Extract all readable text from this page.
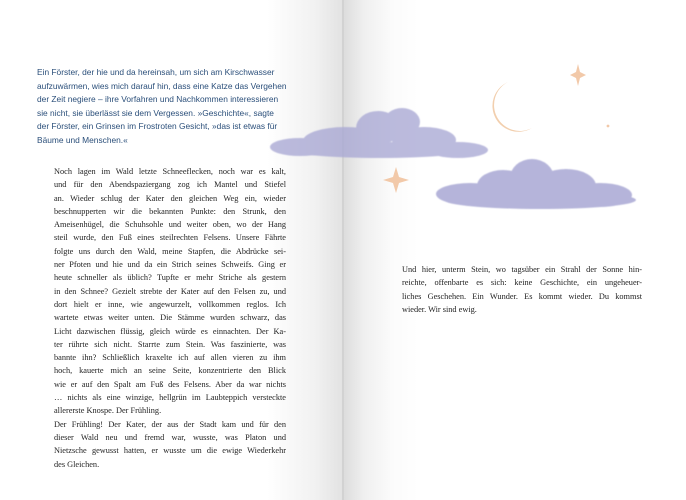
Ein Förster, der hie und da hereinsah, um sich am Kirschwasser
aufzuwärmen, wies mich darauf hin, dass eine Katze das Vergehen
der Zeit negiere – ihre Vorfahren und Nachkommen interessieren
sie nicht, sie überlässt sie dem Vergessen. »Geschichte«, sagte
der Förster, ein Grinsen im Frostroten Gesicht, »das ist etwas für
Bäume und Menschen.«
Noch lagen im Wald letzte Schneeflecken, noch war es kalt,
und für den Abendspaziergang zog ich Mantel und Stiefel
an. Wieder schlug der Kater den gleichen Weg ein, wieder
beschnupperten wir die bekannten Punkte: den Strunk, den
Ameisenhügel, die Schuhsohle und weiter oben, wo der Hang
steil wurde, den Fuß eines steilrechten Felsens. Unsere Fährte
folgte uns durch den Wald, meine Stapfen, die Abdrücke sei-
ner Pfoten und hie und da ein Strich seines Schweifs. Ging er
heute schneller als üblich? Tupfte er mehr Striche als gestern
in den Schnee? Gezielt strebte der Kater auf den Felsen zu, und
dort hielt er inne, wie angewurzelt, vollkommen reglos. Ich
wartete etwas weiter unten. Die Stämme wurden schwarz, das
Licht dazwischen flüssig, gleich würde es einnachten. Der Ka-
ter rührte sich nicht. Starrte zum Stein. Was faszinierte, was
bannte ihn? Schließlich kraxelte ich auf allen vieren zu ihm
hoch, kauerte mich an seine Seite, konzentrierte den Blick
wie er auf den Spalt am Fuß des Felsens. Aber da war nichts
… nichts als eine winzige, hellgrün im Laubteppich versteckte
allererste Knospe. Der Frühling.
Der Frühling! Der Kater, der aus der Stadt kam und für den
dieser Wald neu und fremd war, wusste, was Platon und
Nietzsche gewusst hatten, er wusste um die ewige Wiederkehr
des Gleichen.
Und hier, unterm Stein, wo tagsüber ein Strahl der Sonne hin-
reichte, offenbarte es sich: keine Geschichte, ein ungeheuer-
liches Geschehen. Ein Wunder. Es kommt wieder. Du kommst
wieder. Wir sind ewig.
